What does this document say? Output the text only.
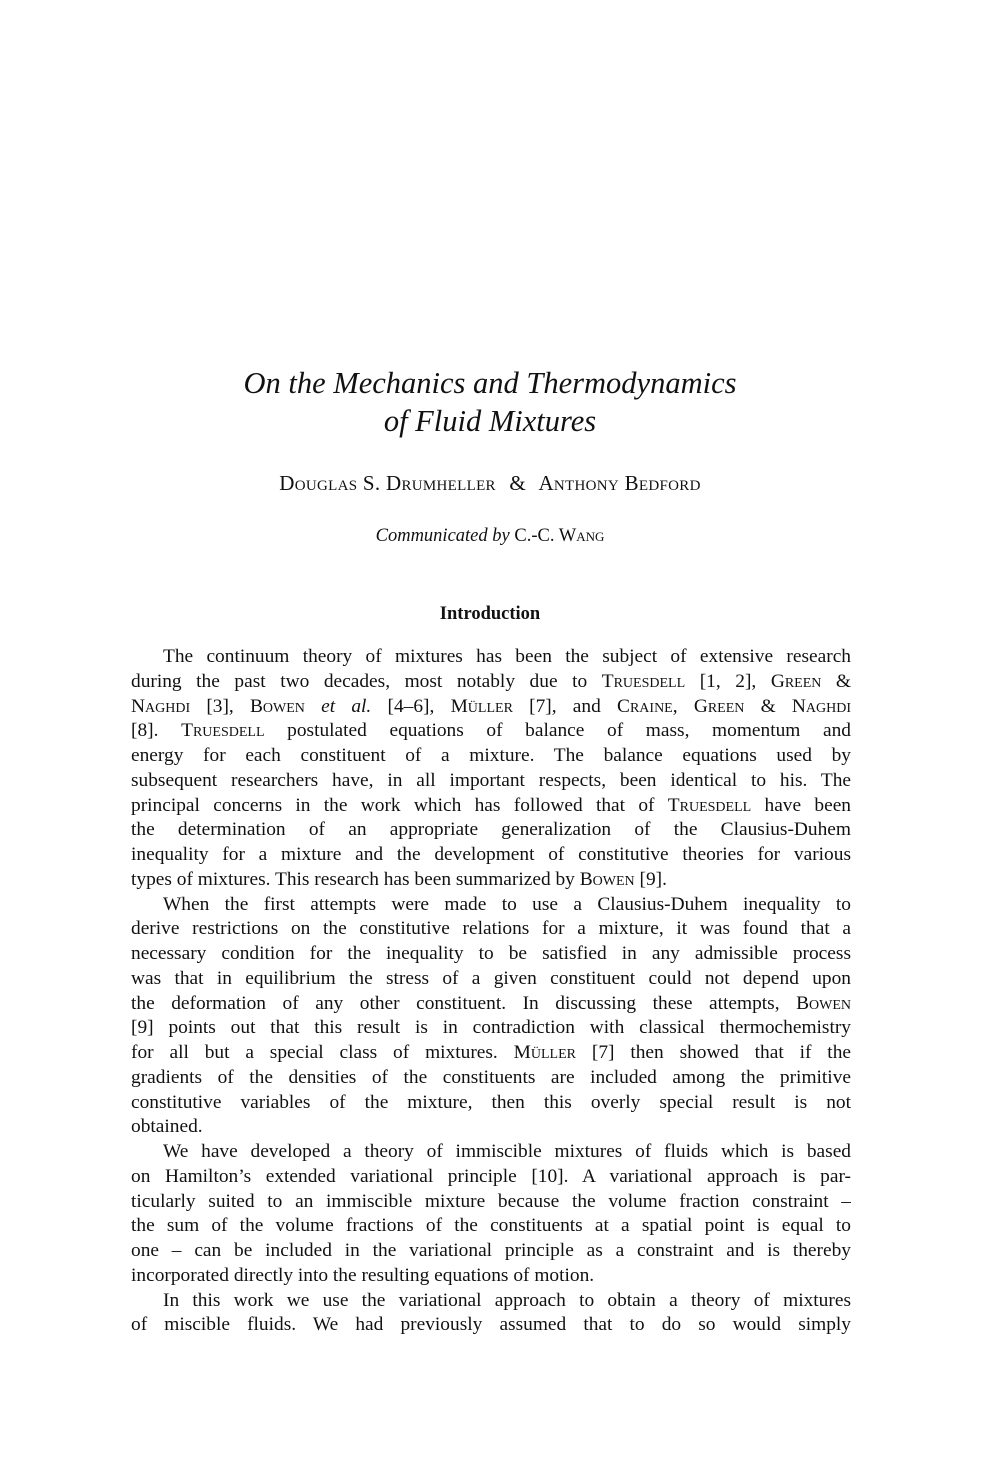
On the Mechanics and Thermodynamics
of Fluid Mixtures
Douglas S. Drumheller & Anthony Bedford
Communicated by C.-C. Wang
Introduction
The continuum theory of mixtures has been the subject of extensive research
during the past two decades, most notably due to Truesdell [1, 2], Green &
Naghdi [3], Bowen et al. [4–6], Müller [7], and Craine, Green & Naghdi
[8]. Truesdell postulated equations of balance of mass, momentum and
energy for each constituent of a mixture. The balance equations used by
subsequent researchers have, in all important respects, been identical to his. The
principal concerns in the work which has followed that of Truesdell have been
the determination of an appropriate generalization of the Clausius-Duhem
inequality for a mixture and the development of constitutive theories for various
types of mixtures. This research has been summarized by Bowen [9].
When the first attempts were made to use a Clausius-Duhem inequality to
derive restrictions on the constitutive relations for a mixture, it was found that a
necessary condition for the inequality to be satisfied in any admissible process
was that in equilibrium the stress of a given constituent could not depend upon
the deformation of any other constituent. In discussing these attempts, Bowen
[9] points out that this result is in contradiction with classical thermochemistry
for all but a special class of mixtures. Müller [7] then showed that if the
gradients of the densities of the constituents are included among the primitive
constitutive variables of the mixture, then this overly special result is not
obtained.
We have developed a theory of immiscible mixtures of fluids which is based
on Hamilton’s extended variational principle [10]. A variational approach is par-
ticularly suited to an immiscible mixture because the volume fraction constraint –
the sum of the volume fractions of the constituents at a spatial point is equal to
one – can be included in the variational principle as a constraint and is thereby
incorporated directly into the resulting equations of motion.
In this work we use the variational approach to obtain a theory of mixtures
of miscible fluids. We had previously assumed that to do so would simply
